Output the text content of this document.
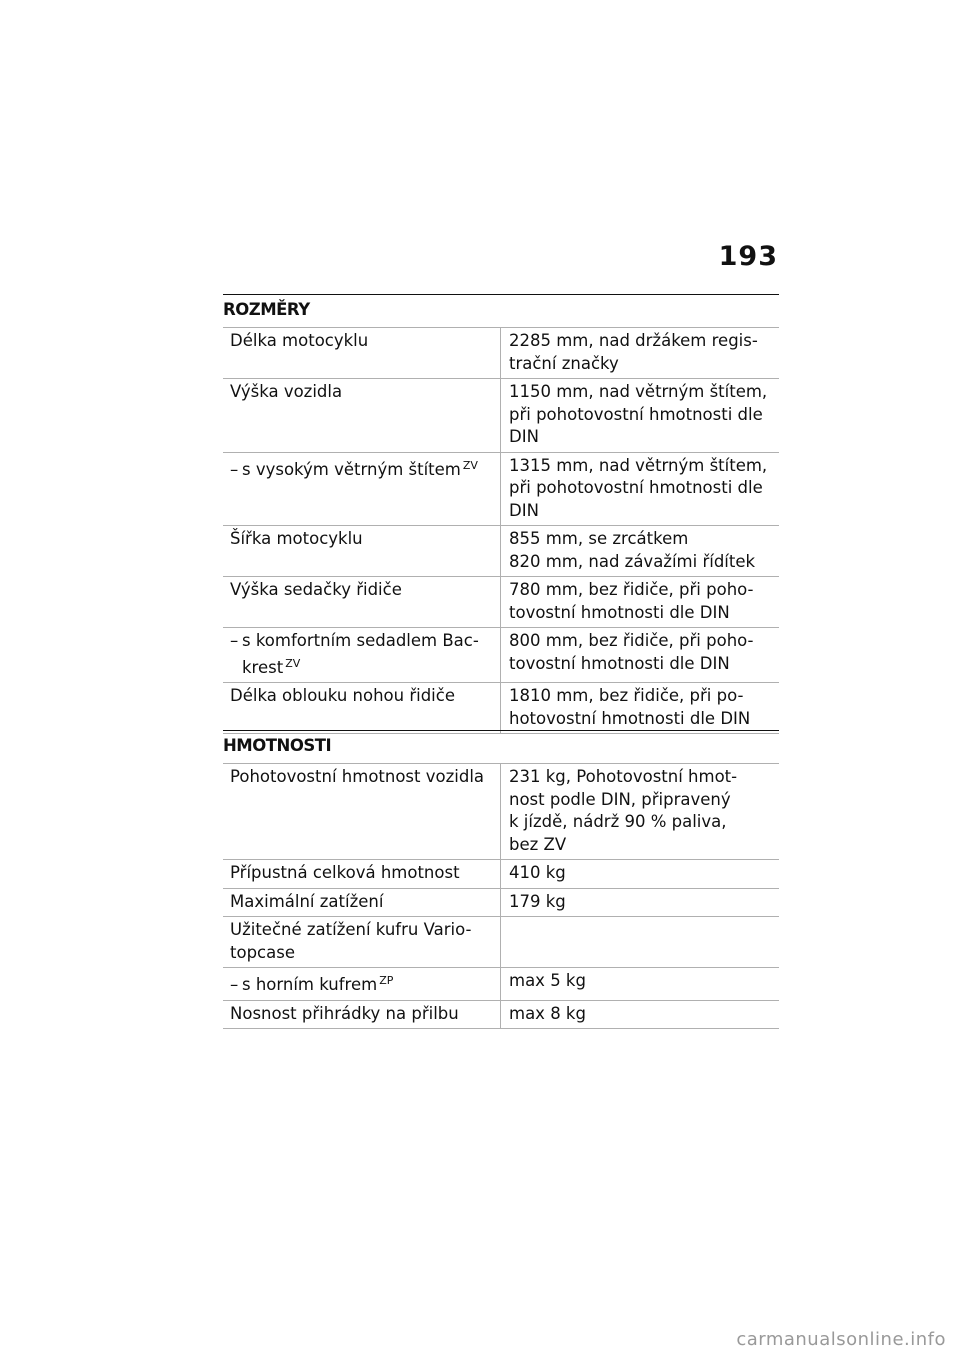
193
ROZMĚRY
Délka motocyklu	2285 mm, nad držákem regis-
trační značky
Výška vozidla	1150 mm, nad větrným štítem,
při pohotovostní hmotnosti dle
DIN

– s vysokým větrným štítem $^{ZV}$	1315 mm, nad větrným štítem,
při pohotovostní hmotnosti dle
DIN
Šířka motocyklu	855 mm, se zrcátkem
820 mm, nad závažími řídítek
Výška sedačky řidiče	780 mm, bez řidiče, při poho-
tovostní hmotnosti dle DIN

– s komfortním sedadlem Bac-
krest $^{ZV}$	800 mm, bez řidiče, při poho-
tovostní hmotnosti dle DIN
Délka oblouku nohou řidiče	1810 mm, bez řidiče, při po-
hotovostní hmotnosti dle DIN
HMOTNOSTI
Pohotovostní hmotnost vozidla	231 kg, Pohotovostní hmot-
nost podle DIN, připravený
k jízdě, nádrž 90 % paliva,
bez ZV
Přípustná celková hmotnost	410 kg
Maximální zatížení	179 kg
Užitečné zatížení kufru Vario-
topcase	

– s horním kufrem $^{ZP}$	max 5 kg
Nosnost přihrádky na přilbu	max 8 kg
carmanualsonline.info
